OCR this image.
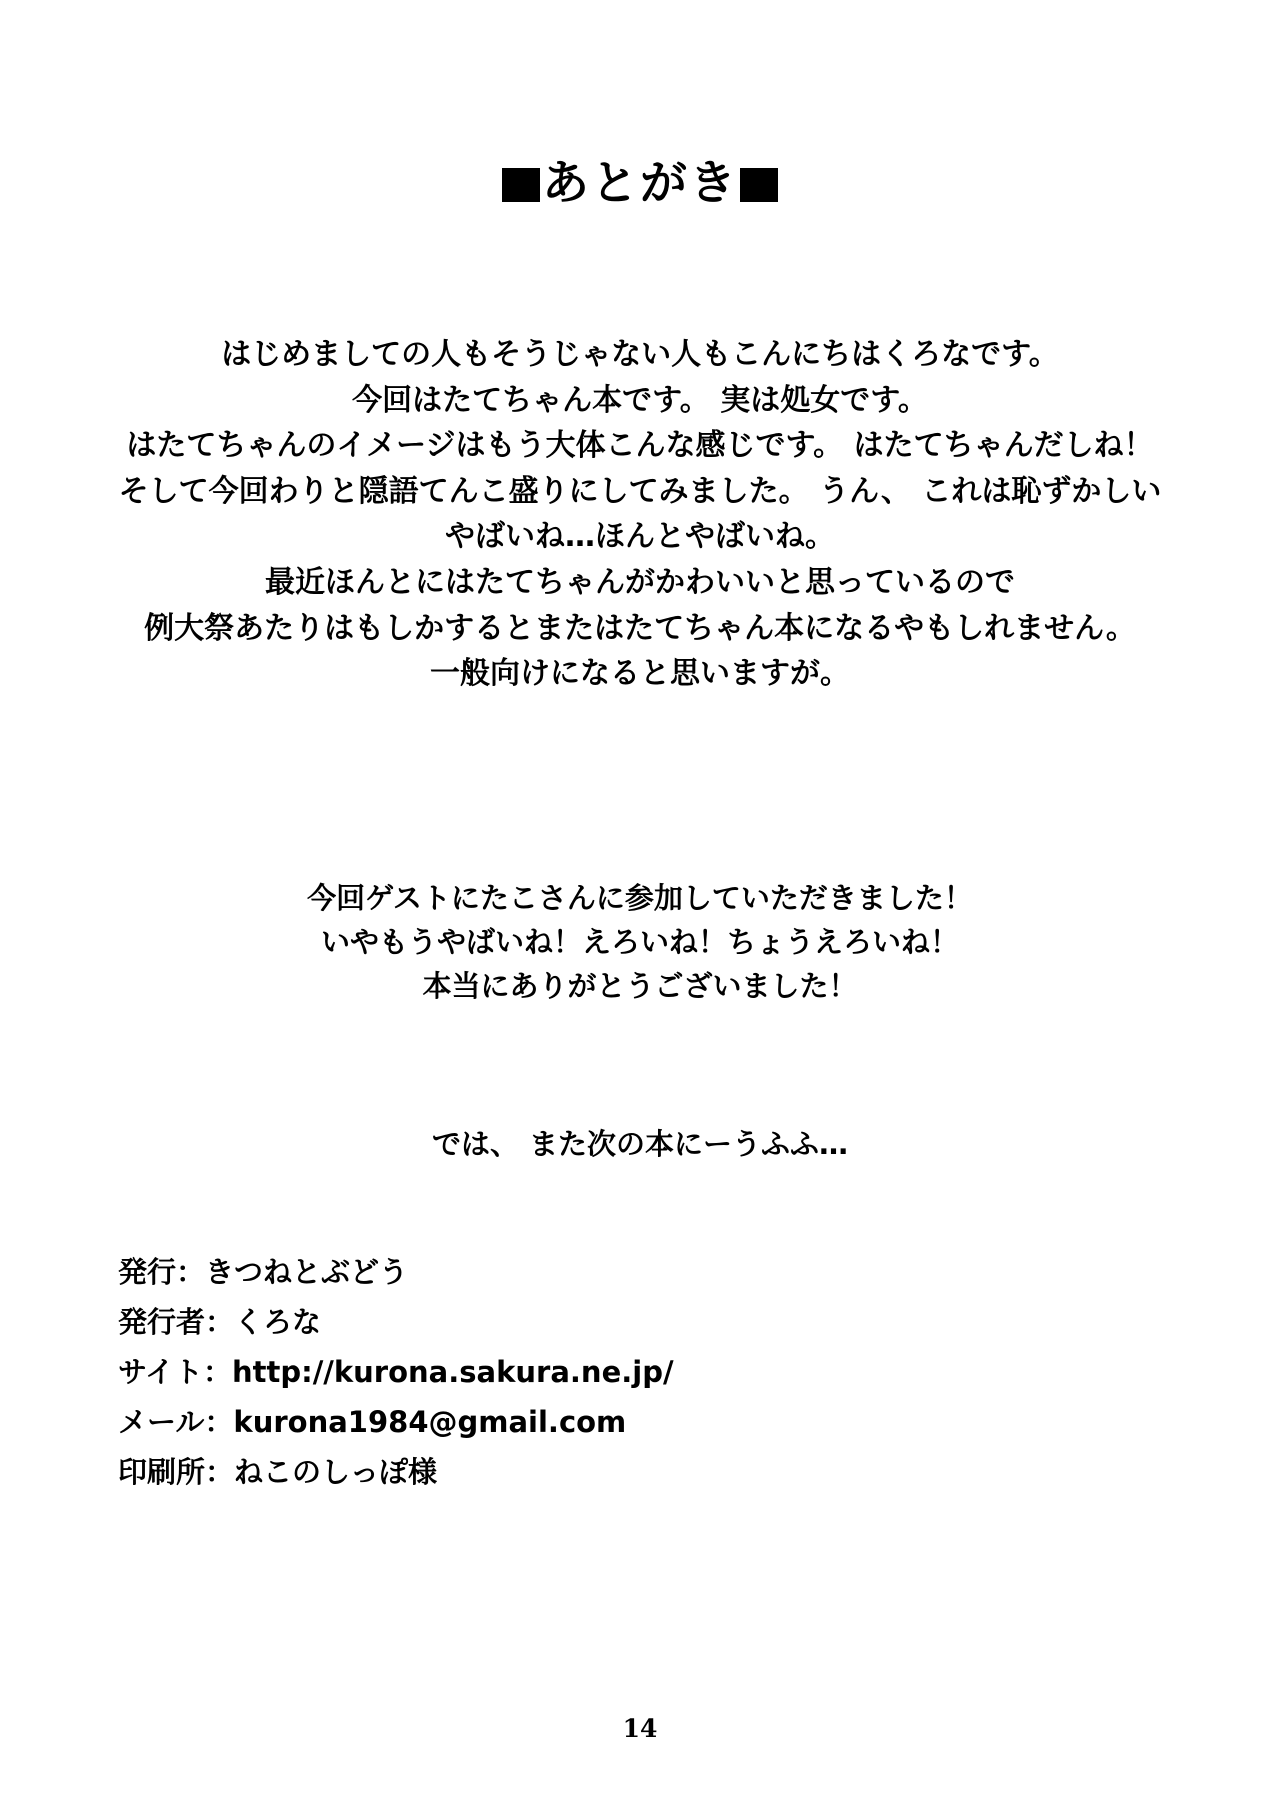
あとがき
はじめましての人もそうじゃない人もこんにちはくろなです。
今回はたてちゃん本です。 実は処女です。
はたてちゃんのイメージはもう大体こんな感じです。 はたてちゃんだしね！
そして今回わりと隠語てんこ盛りにしてみました。 うん、 これは恥ずかしい
やばいね…ほんとやばいね。
最近ほんとにはたてちゃんがかわいいと思っているので
例大祭あたりはもしかするとまたはたてちゃん本になるやもしれません。
一般向けになると思いますが。
今回ゲストにたこさんに参加していただきました！
いやもうやばいね！えろいね！ちょうえろいね！
本当にありがとうございました！
では、 また次の本にーうふふ…
発行：きつねとぶどう
発行者：くろな
サイト：http://kurona.sakura.ne.jp/
メール：kurona1984@gmail.com
印刷所：ねこのしっぽ様
14
